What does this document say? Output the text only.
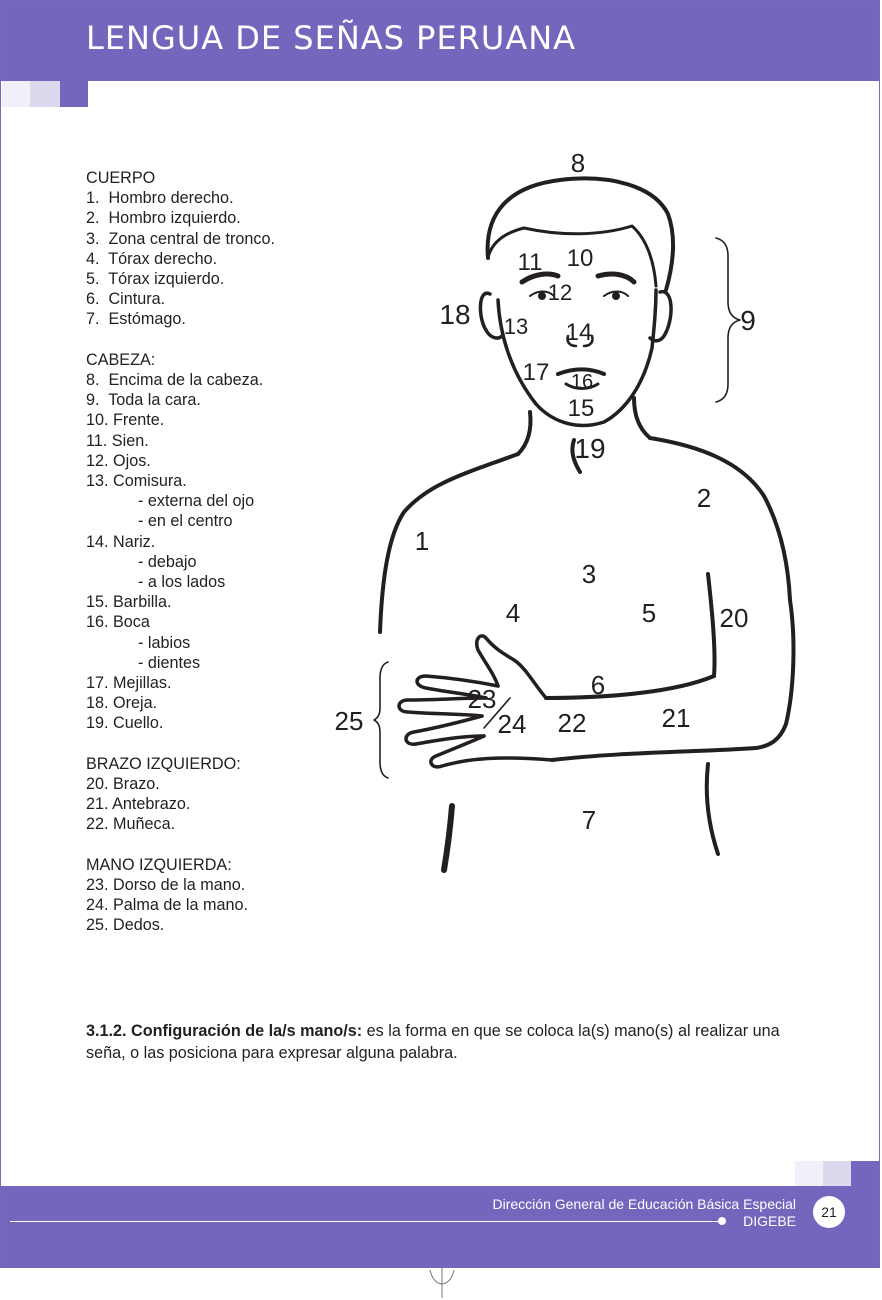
LENGUA DE SEÑAS PERUANA
CUERPO
1.  Hombro derecho.
2.  Hombro izquierdo.
3.  Zona central de tronco.
4.  Tórax derecho.
5.  Tórax izquierdo.
6.  Cintura.
7.  Estómago.
CABEZA:
8.  Encima de la cabeza.
9.  Toda la cara.
10. Frente.
11. Sien.
12. Ojos.
13. Comisura.
- externa del ojo
- en el centro
14. Nariz.
- debajo
- a los lados
15. Barbilla.
16. Boca
- labios
- dientes
17. Mejillas.
18. Oreja.
19. Cuello.
BRAZO IZQUIERDO:
20. Brazo.
21. Antebrazo.
22. Muñeca.
MANO IZQUIERDA:
23. Dorso de la mano.
24. Palma de la mano.
25. Dedos.
8
10
11
12
13 14
15
16
17
18
19
9
1
2
3
4	5 20
6
21
22
23
24
25
7
3.1.2. Configuración de la/s mano/s: es la forma en que se coloca la(s) mano(s) al realizar una seña, o las posiciona para expresar alguna palabra.
Dirección General de Educación Básica Especial
DIGEBE
21
